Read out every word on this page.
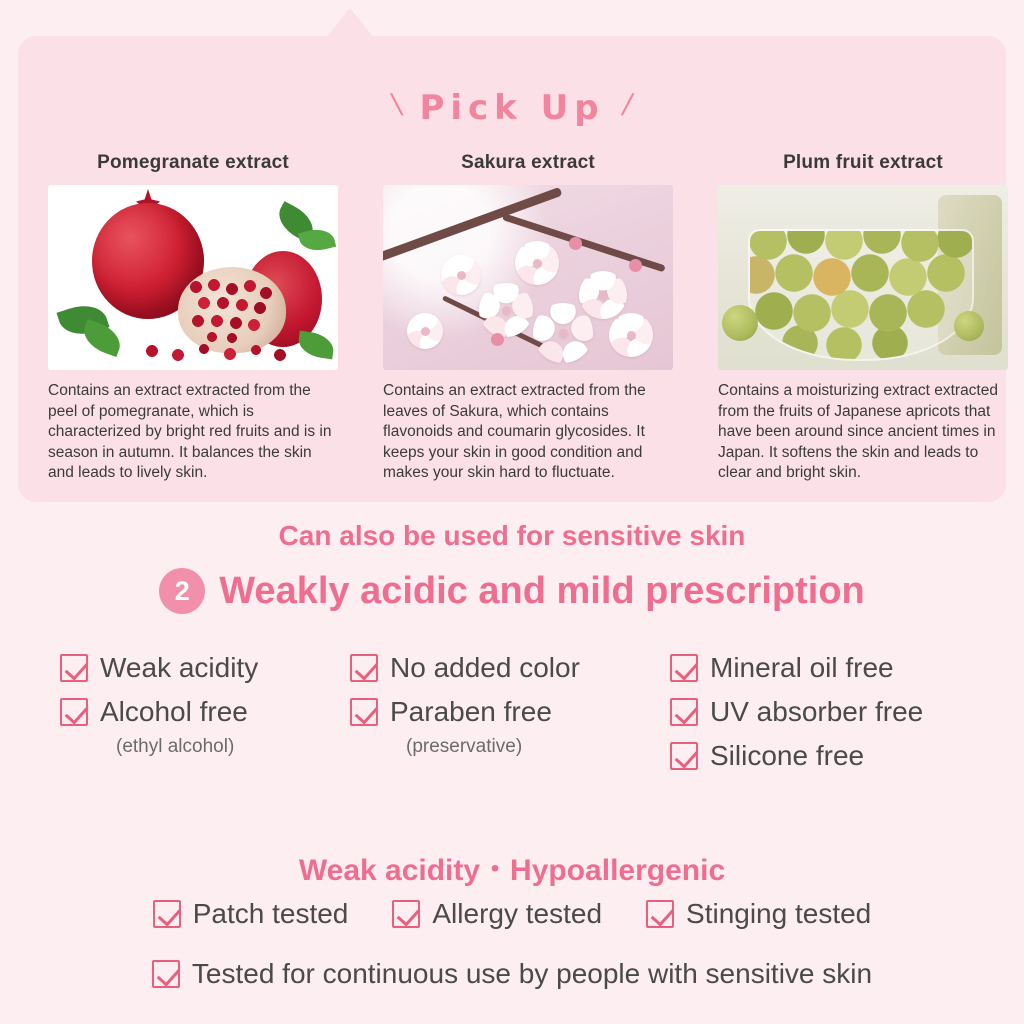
\ Pick Up /
Pomegranate extract
Contains an extract extracted from the peel of pomegranate, which is characterized by bright red fruits and is in season in autumn. It balances the skin and leads to lively skin.
Sakura extract
Contains an extract extracted from the leaves of Sakura, which contains flavonoids and coumarin glycosides. It keeps your skin in good condition and makes your skin hard to fluctuate.
Plum fruit extract
Contains a moisturizing extract extracted from the fruits of Japanese apricots that have been around since ancient times in Japan. It softens the skin and leads to clear and bright skin.
Can also be used for sensitive skin
2 Weakly acidic and mild prescription
Weak acidity
Alcohol free
(ethyl alcohol)
No added color
Paraben free
(preservative)
Mineral oil free
UV absorber free
Silicone free
Weak acidity・Hypoallergenic
Patch tested	Allergy tested	Stinging tested
Tested for continuous use by people with sensitive skin
